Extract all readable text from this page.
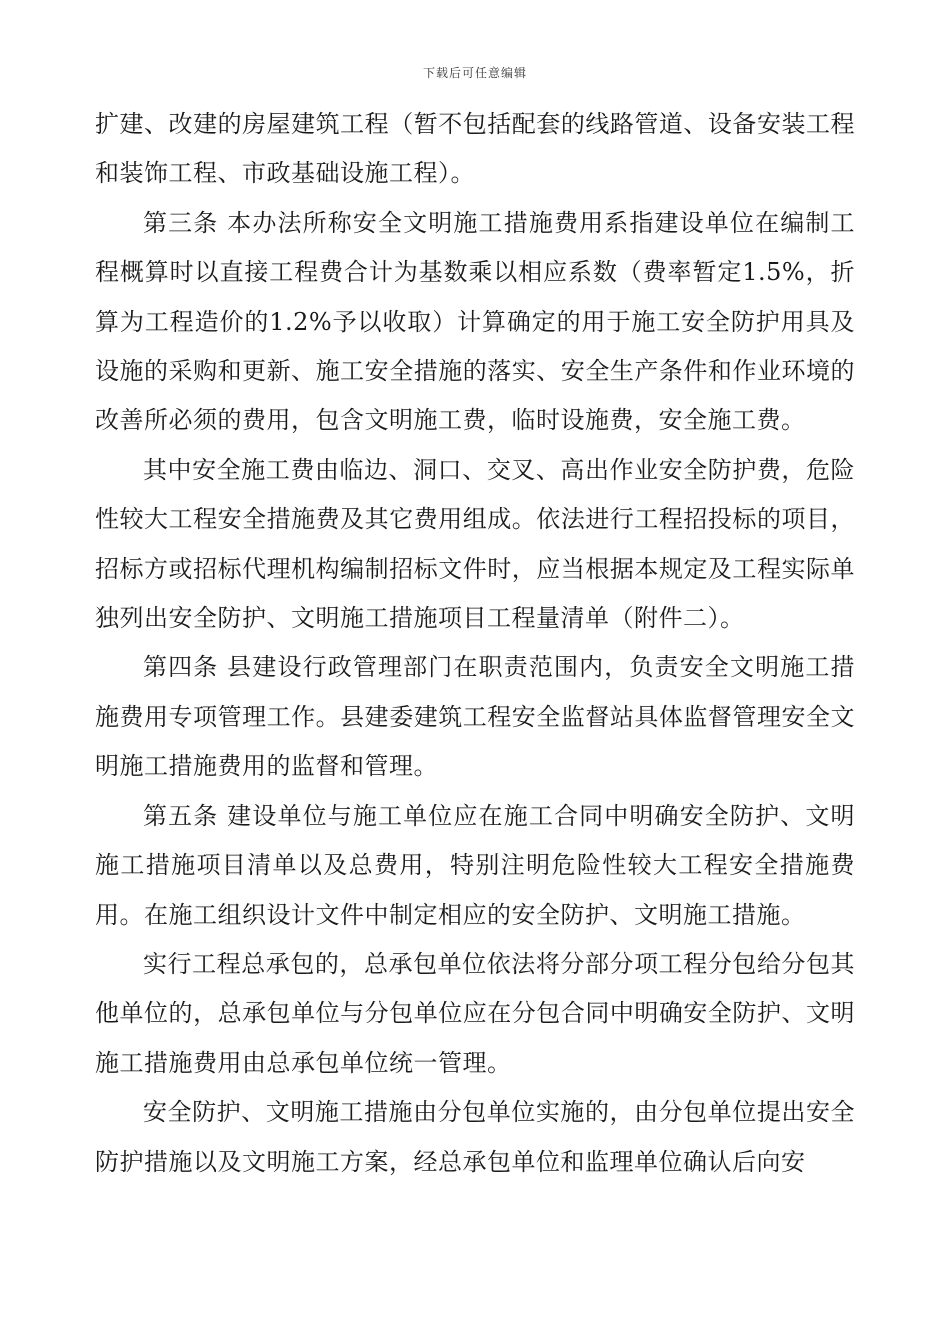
下载后可任意编辑

扩建、改建的房屋建筑工程（暂不包括配套的线路管道、设备安装工程和装饰工程、市政基础设施工程）。

第三条 本办法所称安全文明施工措施费用系指建设单位在编制工程概算时以直接工程费合计为基数乘以相应系数（费率暂定1.5%，折算为工程造价的1.2%予以收取）计算确定的用于施工安全防护用具及设施的采购和更新、施工安全措施的落实、安全生产条件和作业环境的改善所必须的费用，包含文明施工费，临时设施费，安全施工费。

其中安全施工费由临边、洞口、交叉、高出作业安全防护费，危险性较大工程安全措施费及其它费用组成。依法进行工程招投标的项目，招标方或招标代理机构编制招标文件时，应当根据本规定及工程实际单独列出安全防护、文明施工措施项目工程量清单（附件二）。

第四条 县建设行政管理部门在职责范围内，负责安全文明施工措施费用专项管理工作。县建委建筑工程安全监督站具体监督管理安全文明施工措施费用的监督和管理。

第五条 建设单位与施工单位应在施工合同中明确安全防护、文明施工措施项目清单以及总费用，特别注明危险性较大工程安全措施费用。在施工组织设计文件中制定相应的安全防护、文明施工措施。

实行工程总承包的，总承包单位依法将分部分项工程分包给分包其他单位的，总承包单位与分包单位应在分包合同中明确安全防护、文明施工措施费用由总承包单位统一管理。

安全防护、文明施工措施由分包单位实施的，由分包单位提出安全防护措施以及文明施工方案，经总承包单位和监理单位确认后向安
